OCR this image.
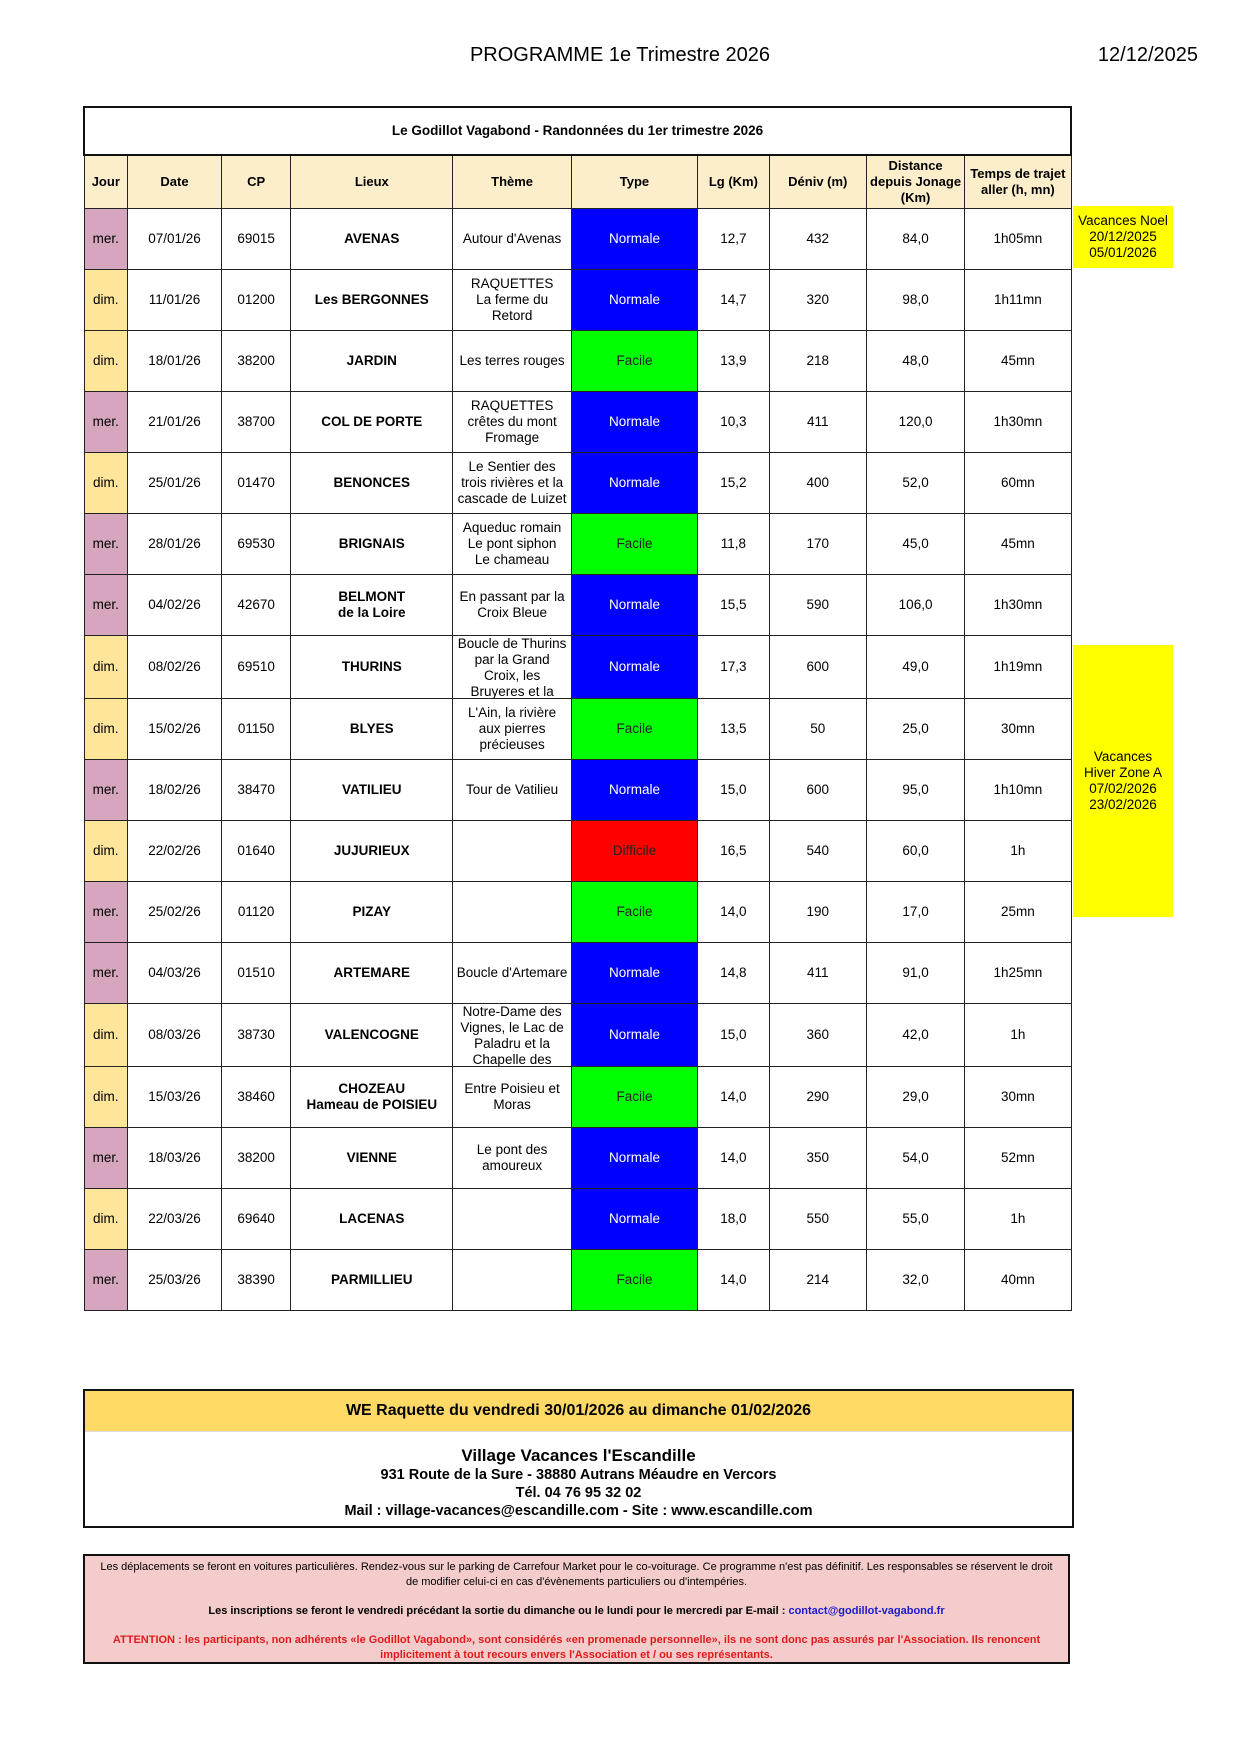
PROGRAMME 1e Trimestre 2026	12/12/2025
Le Godillot Vagabond - Randonnées du 1er trimestre 2026									
Jour	Date	CP	Lieux	Thème	Type	Lg (Km)	Déniv (m)	Distance depuis Jonage (Km)	Temps de trajet aller (h, mn)

mer.	07/01/26	69015	AVENAS	Autour d'Avenas	Normale	12,7	432	84,0	1h05mn

dim.	11/01/26	01200	Les BERGONNES	RAQUETTES
La ferme du
Retord	Normale	14,7	320	98,0	1h11mn

dim.	18/01/26	38200	JARDIN	Les terres rouges	Facile	13,9	218	48,0	45mn

mer.	21/01/26	38700	COL DE PORTE	RAQUETTES
crêtes du mont
Fromage	Normale	10,3	411	120,0	1h30mn

dim.	25/01/26	01470	BENONCES	Le Sentier des
trois rivières et la
cascade de Luizet	Normale	15,2	400	52,0	60mn

mer.	28/01/26	69530	BRIGNAIS	Aqueduc romain
Le pont siphon
Le chameau	Facile	11,8	170	45,0	45mn

mer.	04/02/26	42670	BELMONT
de la Loire	En passant par la
Croix Bleue	Normale	15,5	590	106,0	1h30mn

dim.	08/02/26	69510	THURINS	Boucle de Thurins
par la Grand
Croix, les
Bruyeres et la	Normale	17,3	600	49,0	1h19mn

dim.	15/02/26	01150	BLYES	L'Ain, la rivière
aux pierres
précieuses	Facile	13,5	50	25,0	30mn

mer.	18/02/26	38470	VATILIEU	Tour de Vatilieu	Normale	15,0	600	95,0	1h10mn

dim.	22/02/26	01640	JUJURIEUX		Difficile	16,5	540	60,0	1h

mer.	25/02/26	01120	PIZAY		Facile	14,0	190	17,0	25mn

mer.	04/03/26	01510	ARTEMARE	Boucle d'Artemare	Normale	14,8	411	91,0	1h25mn

dim.	08/03/26	38730	VALENCOGNE	Notre-Dame des
Vignes, le Lac de
Paladru et la
Chapelle des	Normale	15,0	360	42,0	1h

dim.	15/03/26	38460	CHOZEAU
Hameau de POISIEU	Entre Poisieu et
Moras	Facile	14,0	290	29,0	30mn

mer.	18/03/26	38200	VIENNE	Le pont des
amoureux	Normale	14,0	350	54,0	52mn

dim.	22/03/26	69640	LACENAS		Normale	18,0	550	55,0	1h

mer.	25/03/26	38390	PARMILLIEU		Facile	14,0	214	32,0	40mn
Vacances Noel
20/12/2025
05/01/2026
Vacances
Hiver Zone A
07/02/2026
23/02/2026
WE Raquette du vendredi 30/01/2026 au dimanche 01/02/2026
Village Vacances l'Escandille
931 Route de la Sure - 38880 Autrans Méaudre en Vercors
Tél. 04 76 95 32 02
Mail : village-vacances@escandille.com - Site : www.escandille.com

Les déplacements se feront en voitures particulières. Rendez-vous sur le parking de Carrefour Market pour le co-voiturage. Ce programme n'est pas définitif. Les responsables se réservent le droit de modifier celui-ci en cas d'évènements particuliers ou d'intempéries.

Les inscriptions se feront le vendredi précédant la sortie du dimanche ou le lundi pour le mercredi par E-mail : contact@godillot-vagabond.fr

ATTENTION : les participants, non adhérents «le Godillot Vagabond», sont considérés «en promenade personnelle», ils ne sont donc pas assurés par l'Association. Ils renoncent implicitement à tout recours envers l'Association et / ou ses représentants.
